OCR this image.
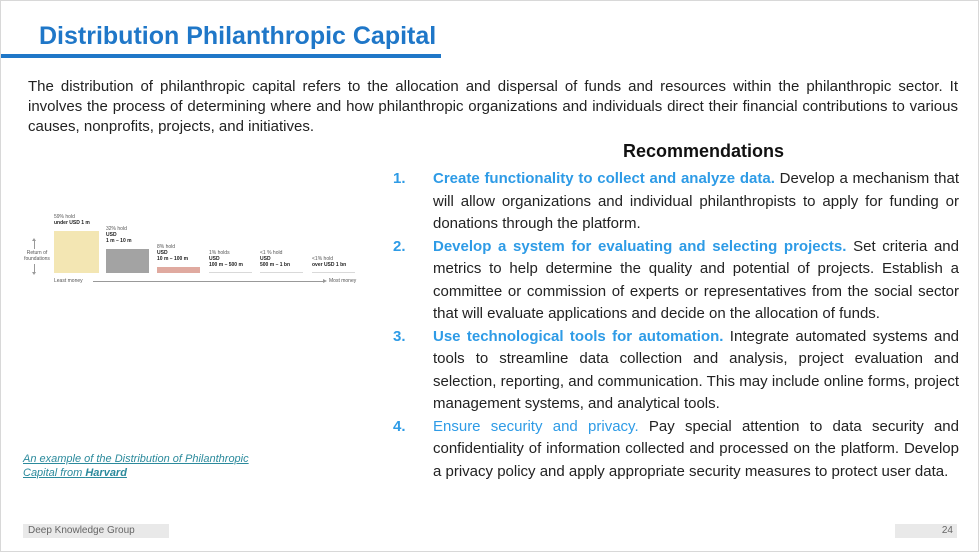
Distribution Philanthropic Capital

The distribution of philanthropic capital refers to the allocation and dispersal of funds and resources within the philanthropic sector. It involves the process of determining where and how philanthropic organizations and individuals direct their financial contributions to various causes, nonprofits, projects, and initiatives.

Recommendations
1. Create functionality to collect and analyze data. Develop a mechanism that will allow organizations and individual philanthropists to apply for funding or donations through the platform.
2. Develop a system for evaluating and selecting projects. Set criteria and metrics to help determine the quality and potential of projects. Establish a committee or commission of experts or representatives from the social sector that will evaluate applications and decide on the allocation of funds.
3. Use technological tools for automation. Integrate automated systems and tools to streamline data collection and analysis, project evaluation and selection, reporting, and communication. This may include online forms, project management systems, and analytical tools.
4. Ensure security and privacy. Pay special attention to data security and confidentiality of information collected and processed on the platform. Develop a privacy policy and apply appropriate security measures to protect user data.
Return of foundations
59% hold
under USD 1 m
32% hold
USD
1 m – 10 m
8% hold
USD
10 m – 100 m
1% holds
USD
100 m – 500 m
<1 % hold
USD
500 m – 1 bn
<1% hold
over USD 1 bn
Least money	Most money
An example of the Distribution of Philanthropic Capital from Harvard
Deep Knowledge Group	24
